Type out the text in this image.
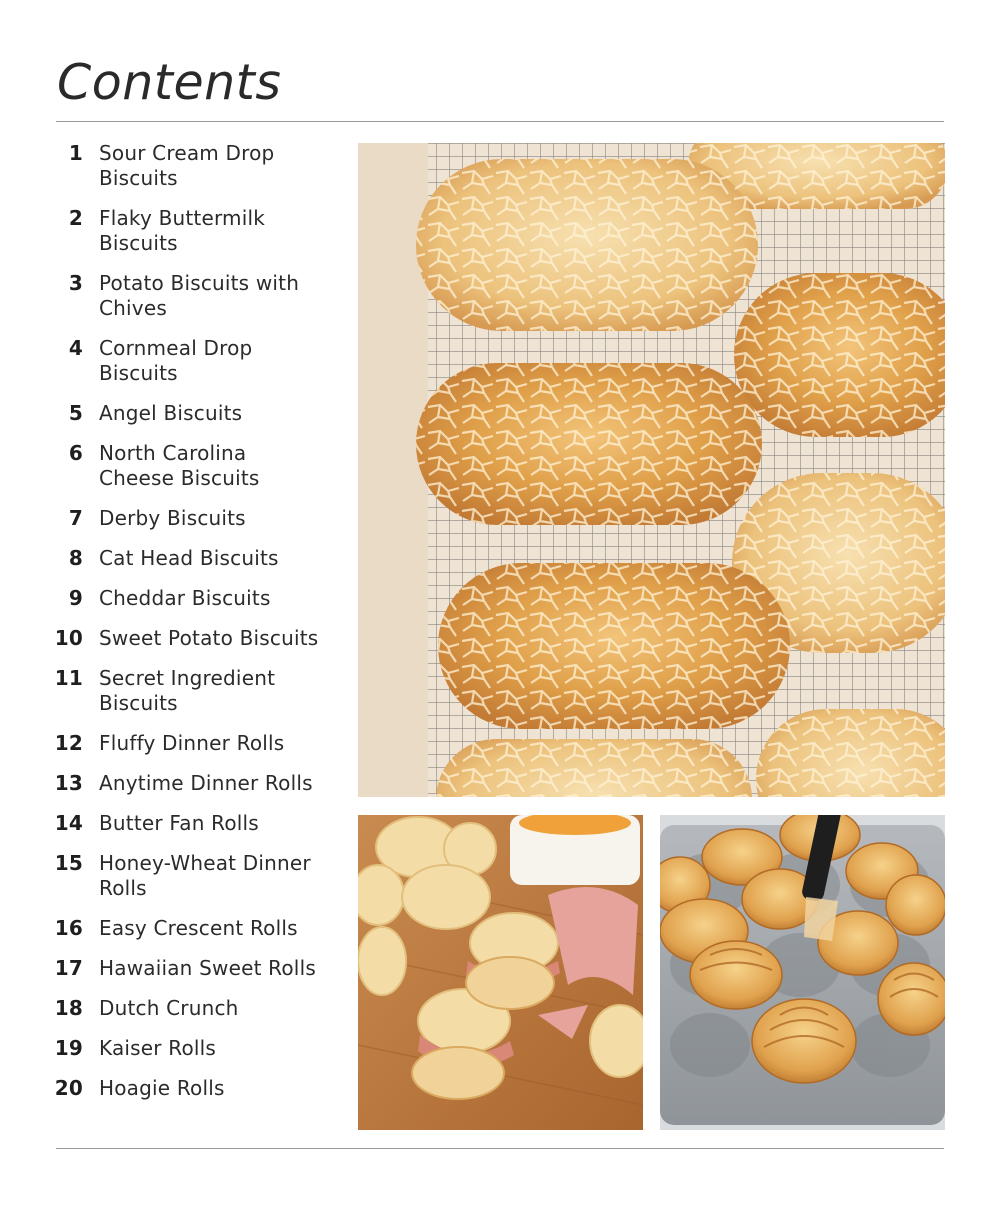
Contents
1 Sour Cream Drop
Biscuits
2 Flaky Buttermilk
Biscuits
3 Potato Biscuits with
Chives
4 Cornmeal Drop
Biscuits
5 Angel Biscuits
6 North Carolina
Cheese Biscuits
7 Derby Biscuits
8 Cat Head Biscuits
9 Cheddar Biscuits
10 Sweet Potato Biscuits
11 Secret Ingredient
Biscuits
12 Fluffy Dinner Rolls
13 Anytime Dinner Rolls
14 Butter Fan Rolls
15 Honey-Wheat Dinner
Rolls
16 Easy Crescent Rolls
17 Hawaiian Sweet Rolls
18 Dutch Crunch
19 Kaiser Rolls
20 Hoagie Rolls
